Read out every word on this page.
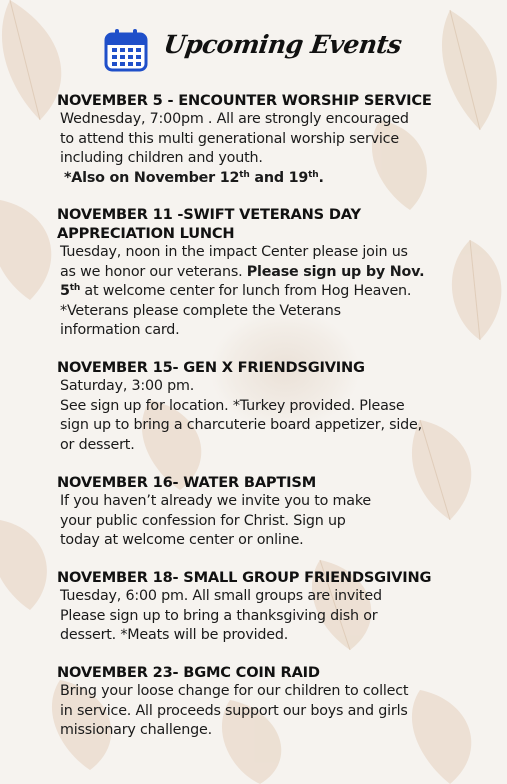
Upcoming Events
NOVEMBER 5 - ENCOUNTER WORSHIP SERVICE
Wednesday, 7:00pm . All are strongly encouraged
to attend this multi generational worship service
including children and youth.
*Also on November 12th and 19th.
NOVEMBER 11 -SWIFT VETERANS DAY
APPRECIATION LUNCH
Tuesday, noon in the impact Center please join us
as we honor our veterans. Please sign up by Nov.
5th at welcome center for lunch from Hog Heaven.
*Veterans please complete the Veterans
information card.
NOVEMBER 15- GEN X FRIENDSGIVING
Saturday, 3:00 pm.
See sign up for location. *Turkey provided. Please
sign up to bring a charcuterie board appetizer, side,
or dessert.
NOVEMBER 16- WATER BAPTISM
If you haven’t already we invite you to make
your public confession for Christ. Sign up
today at welcome center or online.
NOVEMBER 18- SMALL GROUP FRIENDSGIVING
Tuesday, 6:00 pm. All small groups are invited
Please sign up to bring a thanksgiving dish or
dessert. *Meats will be provided.
NOVEMBER 23- BGMC COIN RAID
Bring your loose change for our children to collect
in service. All proceeds support our boys and girls
missionary challenge.
